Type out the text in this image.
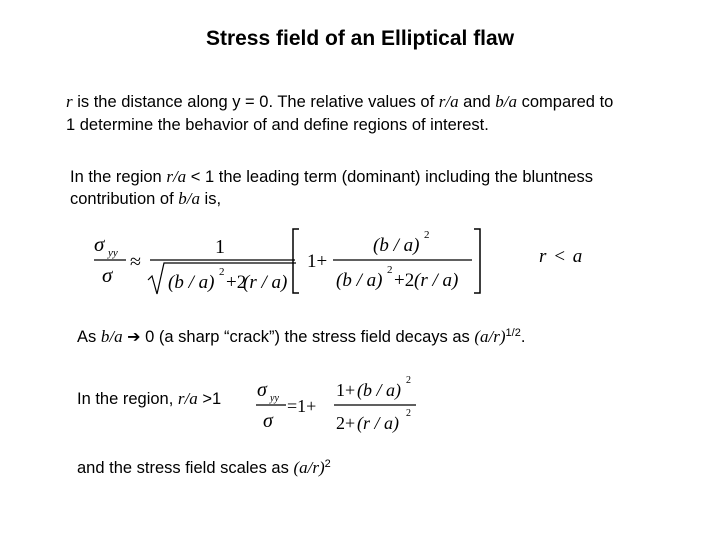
Stress field of an Elliptical flaw
r is the distance along y = 0. The relative values of r/a and b/a compared to
1 determine the behavior of and define regions of interest.
In the region r/a < 1 the leading term (dominant) including the bluntness
contribution of b/a is,
σ yy
σ
≈
1
(b / a) 2 +2
(r / a)
1+
(b / a) 2
(b / a) 2 +2 (r / a)
r < a
As b/a ➔ 0 (a sharp “crack”) the stress field decays as $(a/r)^{1/2}$.
In the region, r/a >1 σ yy
σ
=1+
1+ (b / a) 2
2+ (r / a) 2
and the stress field scales as $(a/r)^2$
